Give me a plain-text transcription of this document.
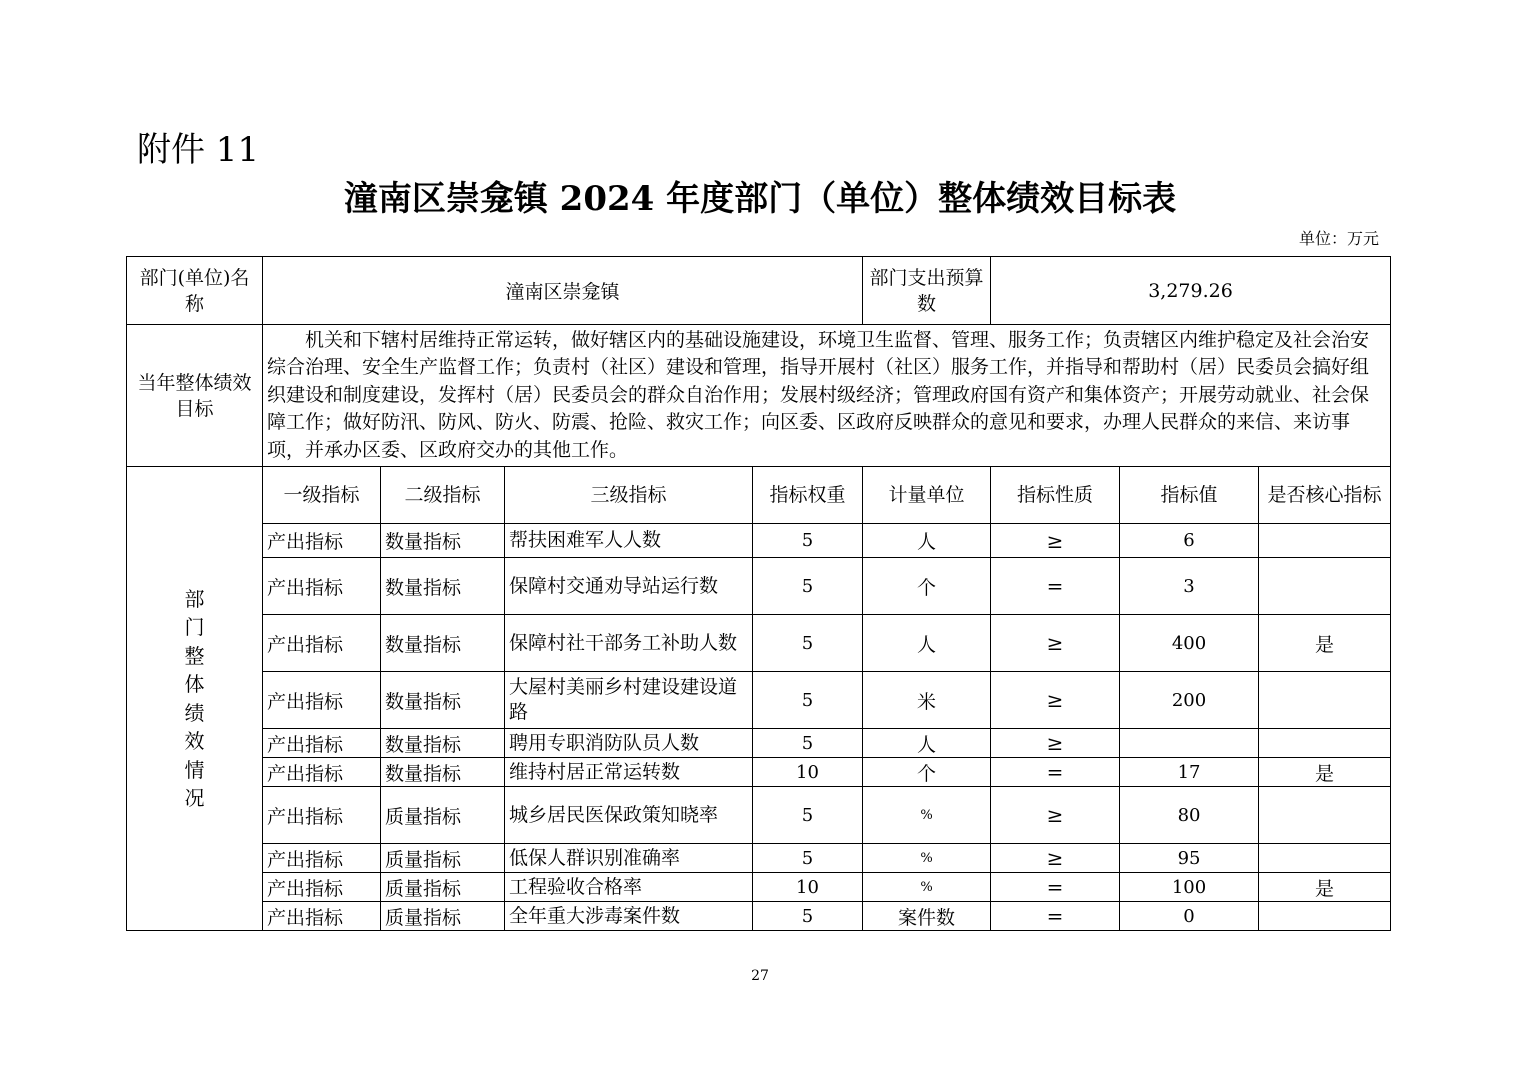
附件 11
潼南区崇龛镇 2024 年度部门（单位）整体绩效目标表
单位：万元
部门(单位)名称	潼南区崇龛镇				部门支出预算数	3,279.26		
当年整体绩效目标	机关和下辖村居维持正常运转，做好辖区内的基础设施建设，环境卫生监督、管理、服务工作；负责辖区内维护稳定及社会治安综合治理、安全生产监督工作；负责村（社区）建设和管理，指导开展村（社区）服务工作，并指导和帮助村（居）民委员会搞好组织建设和制度建设，发挥村（居）民委员会的群众自治作用；发展村级经济；管理政府国有资产和集体资产；开展劳动就业、社会保障工作；做好防汛、防风、防火、防震、抢险、救灾工作；向区委、区政府反映群众的意见和要求，办理人民群众的来信、来访事项，并承办区委、区政府交办的其他工作。							
部门整体绩效情况	一级指标	二级指标	三级指标	指标权重	计量单位	指标性质	指标值	是否核心指标
	产出指标	数量指标	帮扶困难军人人数	5	人	≥	6	
	产出指标	数量指标	保障村交通劝导站运行数	5	个	=	3	
	产出指标	数量指标	保障村社干部务工补助人数	5	人	≥	400	是
	产出指标	数量指标	大屋村美丽乡村建设建设道路	5	米	≥	200	
	产出指标	数量指标	聘用专职消防队员人数	5	人	≥		
	产出指标	数量指标	维持村居正常运转数	10	个	=	17	是
	产出指标	质量指标	城乡居民医保政策知晓率	5	%	≥	80	
	产出指标	质量指标	低保人群识别准确率	5	%	≥	95	
	产出指标	质量指标	工程验收合格率	10	%	=	100	是
	产出指标	质量指标	全年重大涉毒案件数	5	案件数	=	0	
27
